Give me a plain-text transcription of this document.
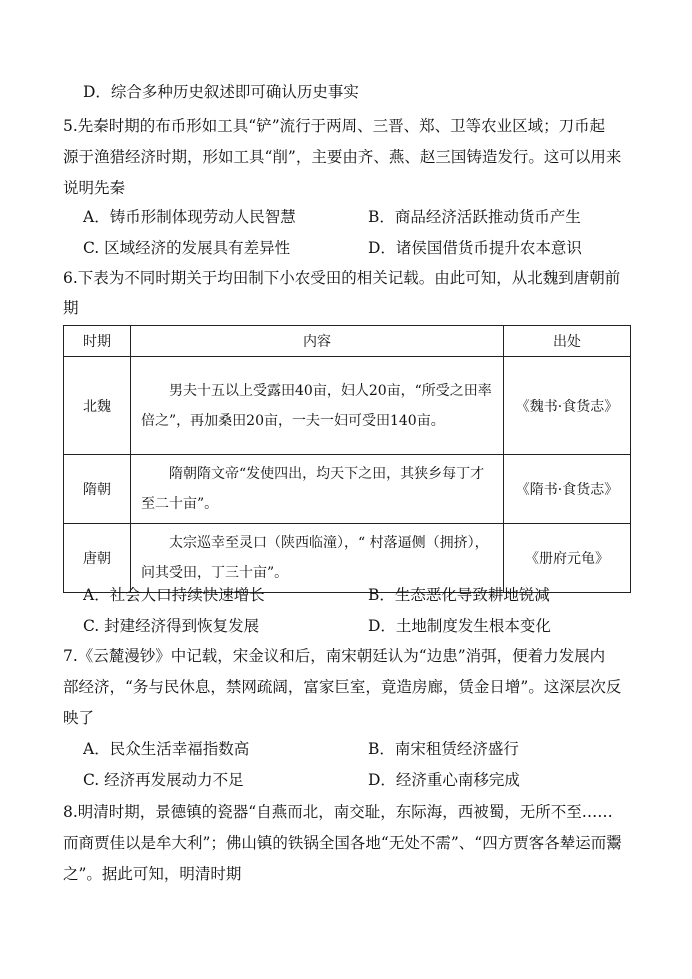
D．综合多种历史叙述即可确认历史事实
5.先秦时期的布币形如工具“铲”流行于两周、三晋、郑、卫等农业区域；刀币起
源于渔猎经济时期，形如工具“削”，主要由齐、燕、赵三国铸造发行。这可以用来
说明先秦
A．铸币形制体现劳动人民智慧	B．商品经济活跃推动货币产生
C. 区域经济的发展具有差异性	D．诸侯国借货币提升农本意识
6.下表为不同时期关于均田制下小农受田的相关记载。由此可知，从北魏到唐朝前
期
时期	内容	出处
北魏	男夫十五以上受露田40亩，妇人20亩，“所受之田率倍之”，再加桑田20亩，一夫一妇可受田140亩。	《魏书·食货志》
隋朝	隋朝隋文帝“发使四出，均天下之田，其狭乡每丁才至二十亩”。	《隋书·食货志》
唐朝	太宗巡幸至灵口（陕西临潼），“ 村落逼侧（拥挤），问其受田，丁三十亩”。	《册府元龟》
A．社会人口持续快速增长	B．生态恶化导致耕地锐减
C. 封建经济得到恢复发展	D．土地制度发生根本变化
7.《云麓漫钞》中记载，宋金议和后，南宋朝廷认为“边患”消弭，便着力发展内
部经济，“务与民休息，禁网疏阔，富家巨室，竟造房廊，赁金日增”。这深层次反
映了
A．民众生活幸福指数高	B．南宋租赁经济盛行
C. 经济再发展动力不足	D．经济重心南移完成
8.明清时期，景德镇的瓷器“自燕而北，南交耻，东际海，西被蜀，无所不至……
而商贾佳以是牟大利”；佛山镇的铁锅全国各地“无处不需”、“四方贾客各辇运而鬻
之”。据此可知，明清时期
